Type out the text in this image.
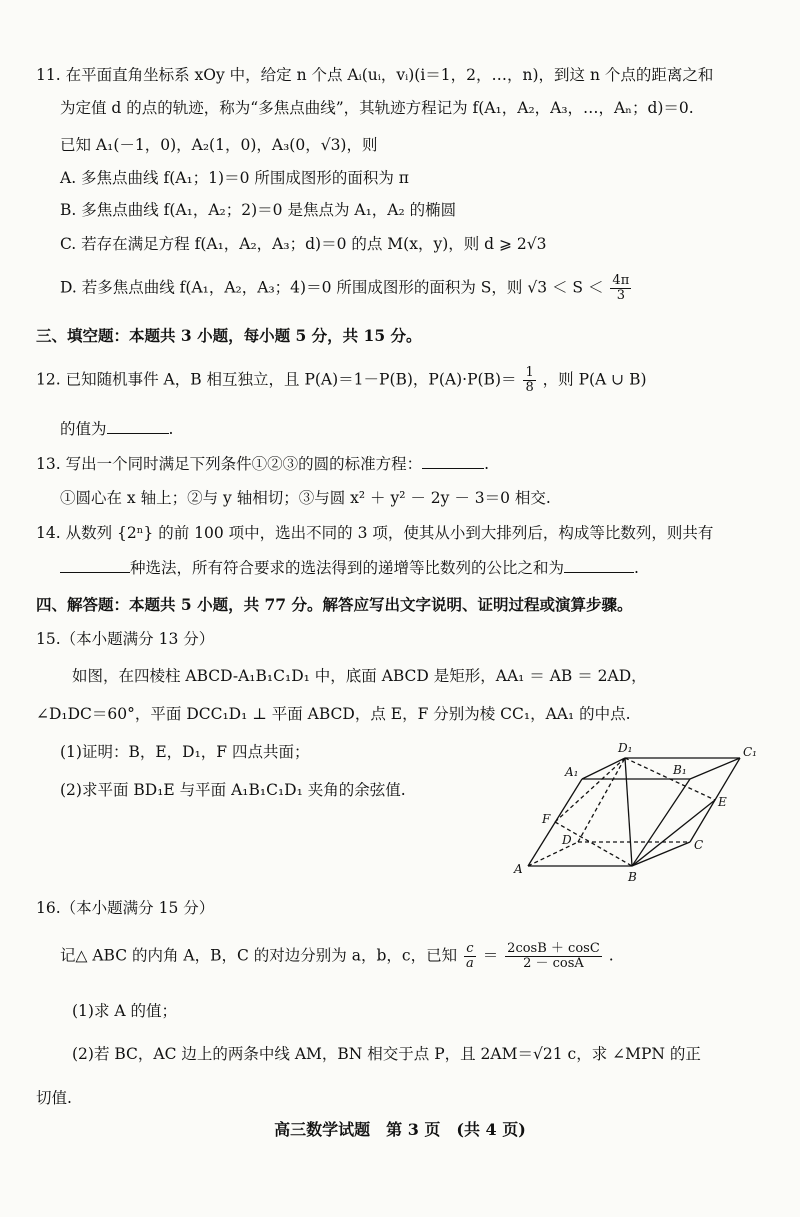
11. 在平面直角坐标系 xOy 中，给定 n 个点 Aᵢ(uᵢ，vᵢ)(i＝1，2，…，n)，到这 n 个点的距离之和
为定值 d 的点的轨迹，称为“多焦点曲线”，其轨迹方程记为 f(A₁，A₂，A₃，…，Aₙ；d)＝0.
已知 A₁(－1，0)，A₂(1，0)，A₃(0，√3)，则
A. 多焦点曲线 f(A₁；1)＝0 所围成图形的面积为 π
B. 多焦点曲线 f(A₁，A₂；2)＝0 是焦点为 A₁，A₂ 的椭圆
C. 若存在满足方程 f(A₁，A₂，A₃；d)＝0 的点 M(x，y)，则 d ⩾ 2√3
D. 若多焦点曲线 f(A₁，A₂，A₃；4)＝0 所围成图形的面积为 S，则 $√3 < S < \frac{4\pi}{3}$
三、填空题：本题共 3 小题，每小题 5 分，共 15 分。
12. 已知随机事件 A，B 相互独立，且 P(A)＝1－P(B)，$P(A)\cdot P(B)= \frac{1}{8}$ ，则 P(A ∪ B)
的值为	.
13. 写出一个同时满足下列条件①②③的圆的标准方程：	.
①圆心在 x 轴上；②与 y 轴相切；③与圆 x² ＋ y² － 2y － 3＝0 相交.
14. 从数列 {2ⁿ} 的前 100 项中，选出不同的 3 项，使其从小到大排列后，构成等比数列，则共有
种选法，所有符合要求的选法得到的递增等比数列的公比之和为	.
四、解答题：本题共 5 小题，共 77 分。解答应写出文字说明、证明过程或演算步骤。
15.（本小题满分 13 分）
如图，在四棱柱 ABCD-A₁B₁C₁D₁ 中，底面 ABCD 是矩形，AA₁ ＝ AB ＝ 2AD，
∠D₁DC＝60°，平面 DCC₁D₁ ⊥ 平面 ABCD，点 E，F 分别为棱 CC₁，AA₁ 的中点.
(1)证明：B，E，D₁，F 四点共面；
(2)求平面 BD₁E 与平面 A₁B₁C₁D₁ 夹角的余弦值.
A
B
C
D
A₁	B₁
C₁
D₁
E
F
16.（本小题满分 15 分）
记△ ABC 的内角 A，B，C 的对边分别为 a，b，c，已知 $\frac{c}{a} = \frac{2\cos B + \cos C}{2 - \cos A}$ .
(1)求 A 的值；
(2)若 BC，AC 边上的两条中线 AM，BN 相交于点 P，且 2AM＝√21 c，求 ∠MPN 的正
切值.
高三数学试题　第 3 页　(共 4 页)
